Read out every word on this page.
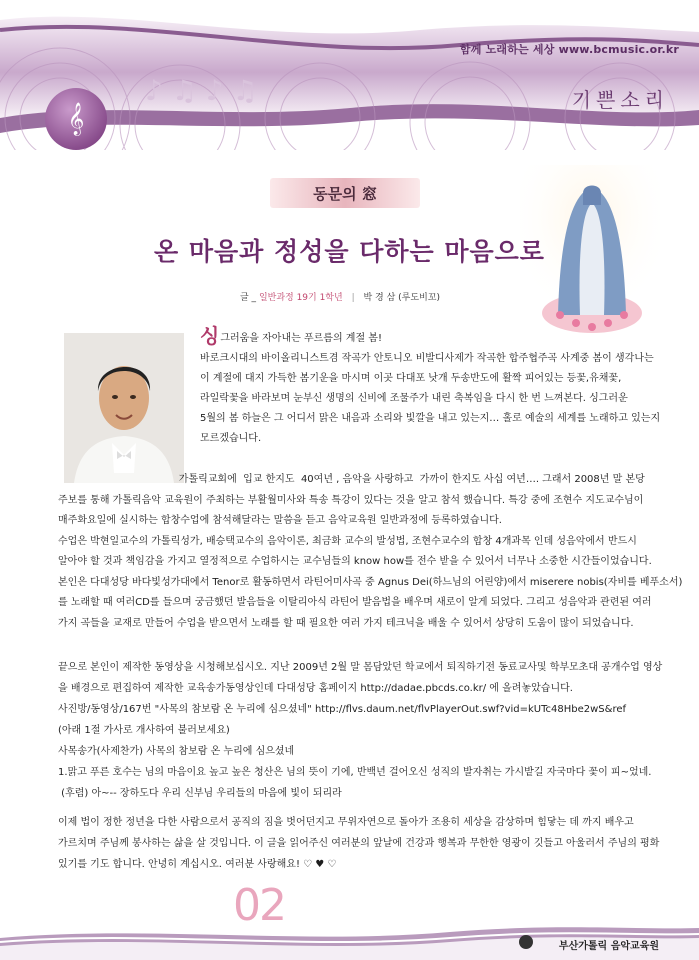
♪ ♫ ♪ ♫
함께 노래하는 세상 www.bcmusic.or.kr
기쁜소리
𝄞
동문의 窓
온 마음과 정성을 다하는 마음으로
글 _ 일반과정 19기 1학년 | 박 경 삼 (루도비꼬)
싱그러움을 자아내는 푸르름의 계절 봄!
바로크시대의 바이올리니스트겸 작곡가 안토니오 비발디사제가 작곡한 합주협주곡 사계중 봄이 생각나는
이 계절에 대지 가득한 봄기운을 마시며 이곳 다대포 낫개 두송반도에 활짝 피어있는 등꽃,유채꽃,
라일락꽃을 바라보며 눈부신 생명의 신비에 조물주가 내린 축복임을 다시 한 번 느껴본다. 싱그러운
5월의 봄 하늘은 그 어디서 맑은 내음과 소리와 빛깔을 내고 있는지… 홀로 예술의 세계를 노래하고 있는지
모르겠습니다.
가톨릭교회에  입교 한지도  40여년 , 음악을 사랑하고  가까이 한지도 사십 여년…. 그래서 2008년 말 본당
주보를 통해 가톨릭음악 교육원이 주최하는 부활월미사와 특송 특강이 있다는 것을 알고 참석 했습니다. 특강 중에 조현수 지도교수님이
매주화요일에 실시하는 합창수업에 참석해달라는 말씀을 듣고 음악교육원 일반과정에 등록하였습니다.
수업은 박현일교수의 가톨릭성가, 배승택교수의 음악이론, 최금화 교수의 발성법, 조현수교수의 합창 4개과목 인데 성음악에서 반드시
알아야 할 것과 책임감을 가지고 열정적으로 수업하시는 교수님들의 know how를 전수 받을 수 있어서 너무나 소중한 시간들이었습니다.
본인은 다대성당 바다빛성가대에서 Tenor로 활동하면서 라틴어미사곡 중 Agnus Dei(하느님의 어린양)에서 miserere nobis(자비를 베푸소서)
를 노래할 때 여러CD를 들으며 궁금했던 발음들을 이탈리아식 라틴어 발음법을 배우며 새로이 알게 되었다. 그리고 성음악과 관련된 여러
가지 곡들을 교재로 만들어 수업을 받으면서 노래를 할 때 필요한 여러 가지 테크닉을 배울 수 있어서 상당히 도움이 많이 되었습니다.
끝으로 본인이 제작한 동영상을 시청해보십시오. 지난 2009년 2월 말 몸담았던 학교에서 퇴직하기전 동료교사및 학부모초대 공개수업 영상
을 배경으로 편집하여 제작한 교육송가동영상인데 다대성당 홈페이지 http://dadae.pbcds.co.kr/ 에 올려놓았습니다.
사진방/동영상/167번 "사목의 참보람 온 누리에 심으셨네" http://flvs.daum.net/flvPlayerOut.swf?vid=kUTc48Hbe2wS&ref
(아래 1절 가사로 개사하여 불러보세요)
사목송가(사제찬가) 사목의 참보람 온 누리에 심으셨네
1.맑고 푸른 호수는 님의 마음이요 높고 높은 청산은 님의 뜻이 기에, 반백년 걸어오신 성직의 발자취는 가시밭길 자국마다 꽃이 피~었네.
(후렴) 아~-- 장하도다 우리 신부님 우리들의 마음에 빛이 되리라
이제 법이 정한 정년을 다한 사람으로서 공직의 짐을 벗어던지고 무위자연으로 돌아가 조용히 세상을 감상하며 힘닿는 데 까지 배우고
가르치며 주님께 봉사하는 삶을 살 것입니다. 이 글을 읽어주신 여러분의 앞날에 건강과 행복과 무한한 영광이 깃들고 아울러서 주님의 평화
있기를 기도 합니다. 안녕히 계십시오. 여러분 사랑해요! ♡ ♥ ♡
02
부산가톨릭 음악교육원
